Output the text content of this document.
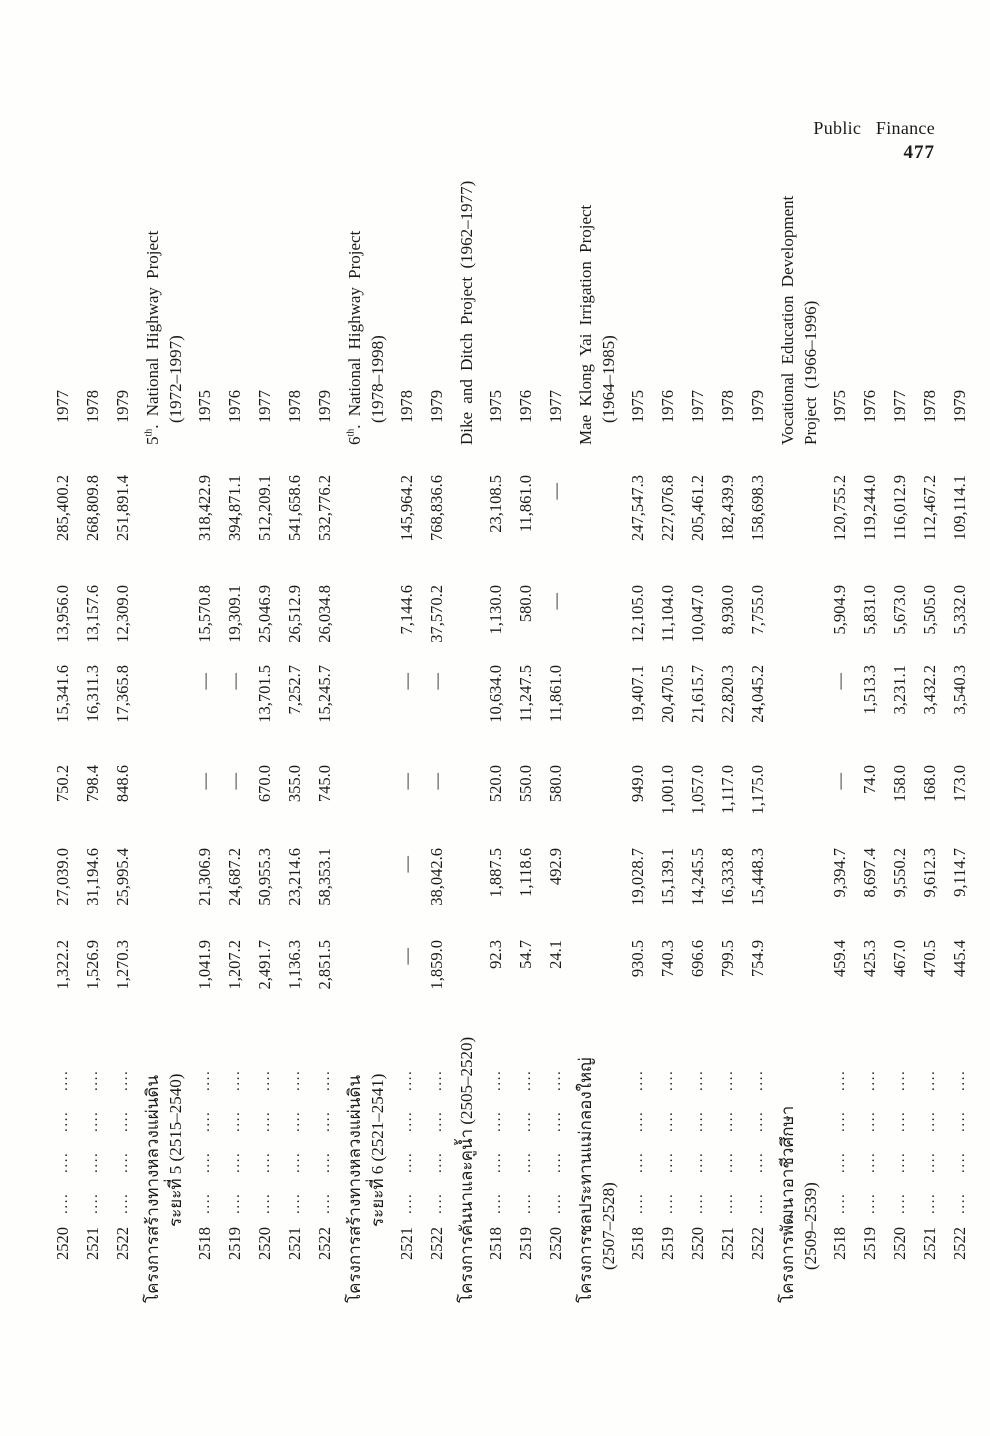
Public Finance
477
2520
....
....
....
....
1,322.2
27,039.0
750.2
15,341.6
13,956.0
285,400.2
1977
2521
....
....
....
....
1,526.9
31,194.6
798.4
16,311.3
13,157.6
268,809.8
1978
2522
....
....
....
....
1,270.3
25,995.4
848.6
17,365.8
12,309.0
251,891.4
1979
โครงการสร้างทางหลวงแผ่นดิน
5th. National Highway Project
ระยะที่ 5 (2515–2540)
(1972–1997)
2518
....
....
....
....
1,041.9
21,306.9
—
—
15,570.8
318,422.9
1975
2519
....
....
....
....
1,207.2
24,687.2
—
—
19,309.1
394,871.1
1976
2520
....
....
....
....
2,491.7
50,955.3
670.0
13,701.5
25,046.9
512,209.1
1977
2521
....
....
....
....
1,136.3
23,214.6
355.0
7,252.7
26,512.9
541,658.6
1978
2522
....
....
....
....
2,851.5
58,353.1
745.0
15,245.7
26,034.8
532,776.2
1979
โครงการสร้างทางหลวงแผ่นดิน
6th. National Highway Project
ระยะที่ 6 (2521–2541)
(1978–1998)
2521
....
....
....
....
—
—
—
—
7,144.6
145,964.2
1978
2522
....
....
....
....
1,859.0
38,042.6
—
—
37,570.2
768,836.6
1979
โครงการคันนาและคูน้ำ (2505–2520)
Dike and Ditch Project (1962–1977)
2518
....
....
....
....
92.3
1,887.5
520.0
10,634.0
1,130.0
23,108.5
1975
2519
....
....
....
....
54.7
1,118.6
550.0
11,247.5
580.0
11,861.0
1976
2520
....
....
....
....
24.1
492.9
580.0
11,861.0
—
—
1977
โครงการชลประทานแม่กลองใหญ่
Mae Klong Yai Irrigation Project
(2507–2528)
(1964–1985)
2518
....
....
....
....
930.5
19,028.7
949.0
19,407.1
12,105.0
247,547.3
1975
2519
....
....
....
....
740.3
15,139.1
1,001.0
20,470.5
11,104.0
227,076.8
1976
2520
....
....
....
....
696.6
14,245.5
1,057.0
21,615.7
10,047.0
205,461.2
1977
2521
....
....
....
....
799.5
16,333.8
1,117.0
22,820.3
8,930.0
182,439.9
1978
2522
....
....
....
....
754.9
15,448.3
1,175.0
24,045.2
7,755.0
158,698.3
1979
โครงการพัฒนาอาชีวศึกษา
Vocational Education Development
(2509–2539)
Project (1966–1996)
2518
....
....
....
....
459.4
9,394.7
—
—
5,904.9
120,755.2
1975
2519
....
....
....
....
425.3
8,697.4
74.0
1,513.3
5,831.0
119,244.0
1976
2520
....
....
....
....
467.0
9,550.2
158.0
3,231.1
5,673.0
116,012.9
1977
2521
....
....
....
....
470.5
9,612.3
168.0
3,432.2
5,505.0
112,467.2
1978
2522
....
....
....
....
445.4
9,114.7
173.0
3,540.3
5,332.0
109,114.1
1979
